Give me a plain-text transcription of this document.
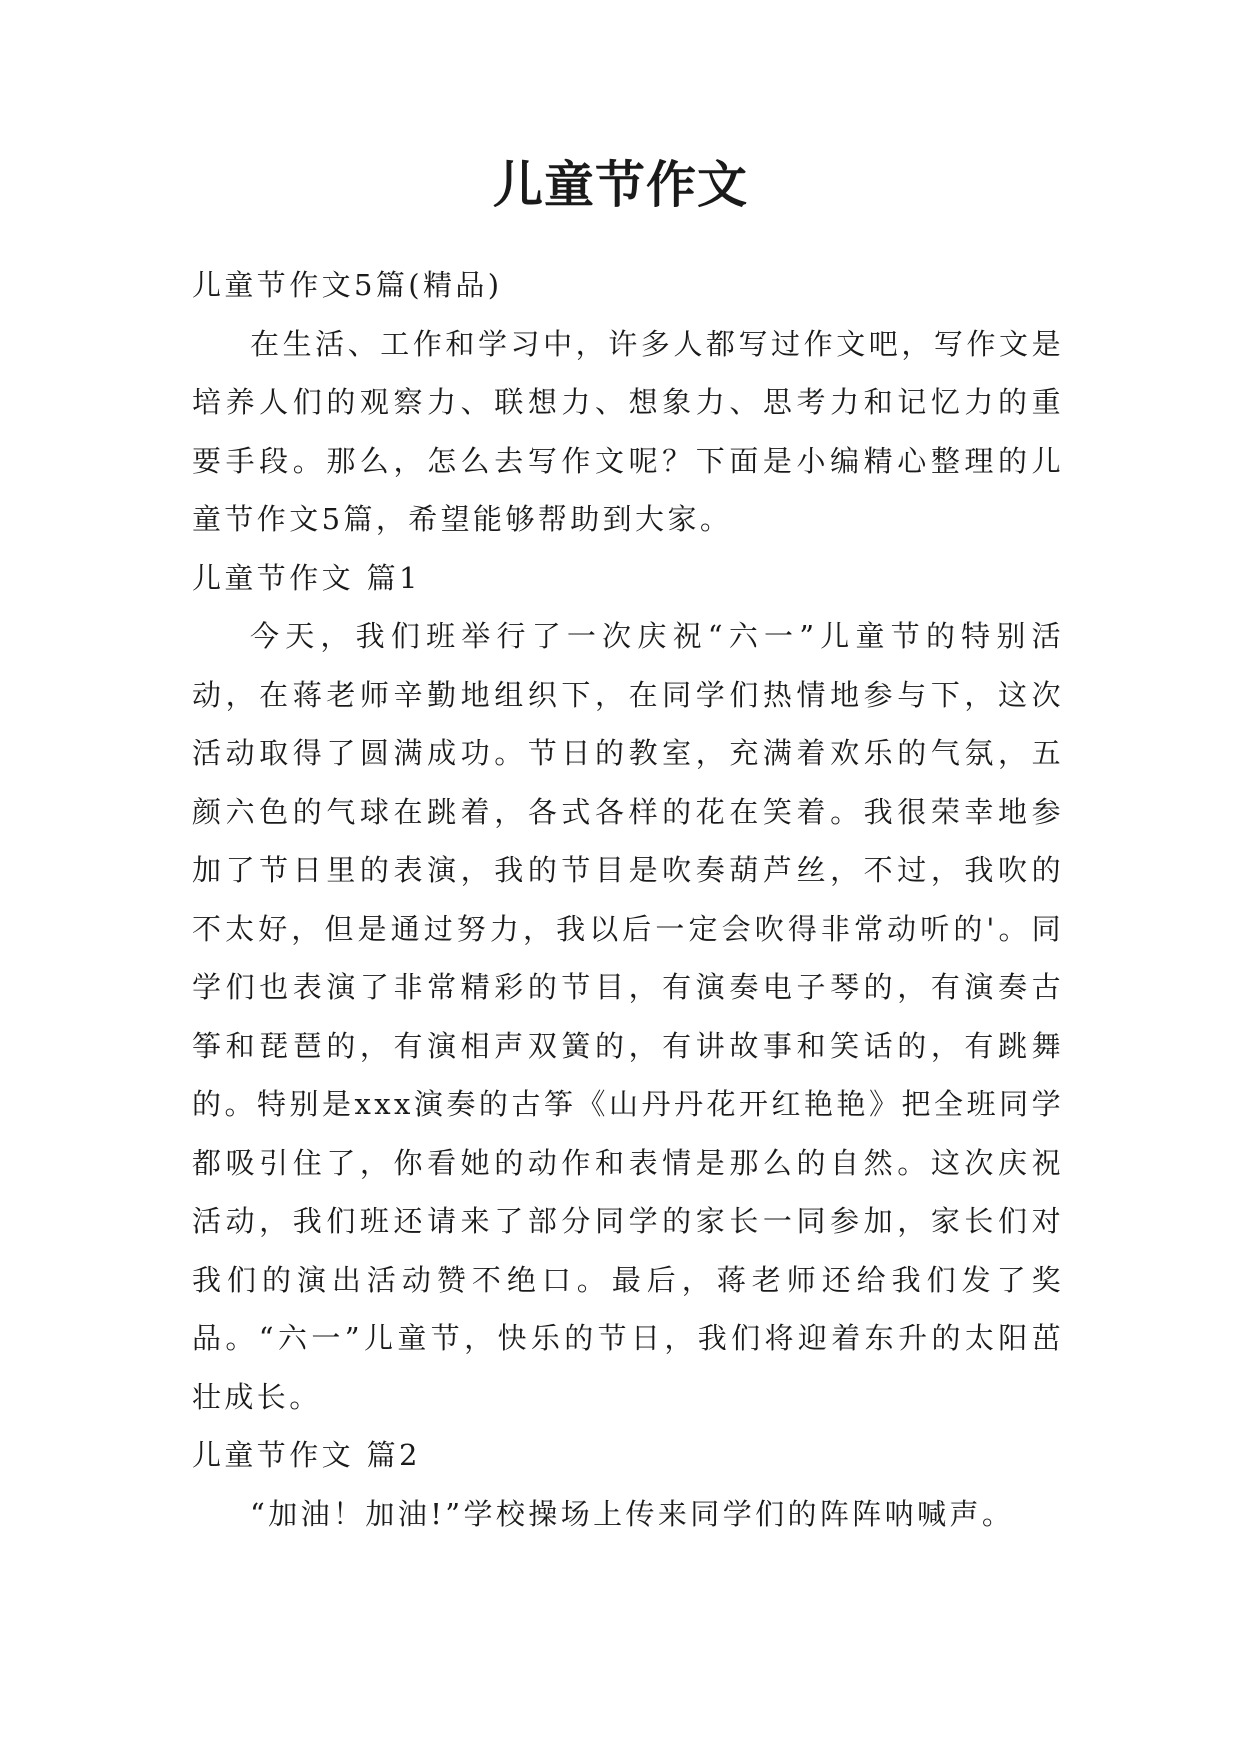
儿童节作文

儿童节作文5篇(精品)

在生活、工作和学习中，许多人都写过作文吧，写作文是培养人们的观察力、联想力、想象力、思考力和记忆力的重要手段。那么，怎么去写作文呢？下面是小编精心整理的儿童节作文5篇，希望能够帮助到大家。

儿童节作文 篇1

今天，我们班举行了一次庆祝“六一”儿童节的特别活动，在蒋老师辛勤地组织下，在同学们热情地参与下，这次活动取得了圆满成功。节日的教室，充满着欢乐的气氛，五颜六色的气球在跳着，各式各样的花在笑着。我很荣幸地参加了节日里的表演，我的节目是吹奏葫芦丝，不过，我吹的不太好，但是通过努力，我以后一定会吹得非常动听的'。同学们也表演了非常精彩的节目，有演奏电子琴的，有演奏古筝和琵琶的，有演相声双簧的，有讲故事和笑话的，有跳舞的。特别是xxx演奏的古筝《山丹丹花开红艳艳》把全班同学都吸引住了，你看她的动作和表情是那么的自然。这次庆祝活动，我们班还请来了部分同学的家长一同参加，家长们对我们的演出活动赞不绝口。最后，蒋老师还给我们发了奖品。“六一”儿童节，快乐的节日，我们将迎着东升的太阳茁壮成长。

儿童节作文 篇2

“加油！加油!”学校操场上传来同学们的阵阵呐喊声。
